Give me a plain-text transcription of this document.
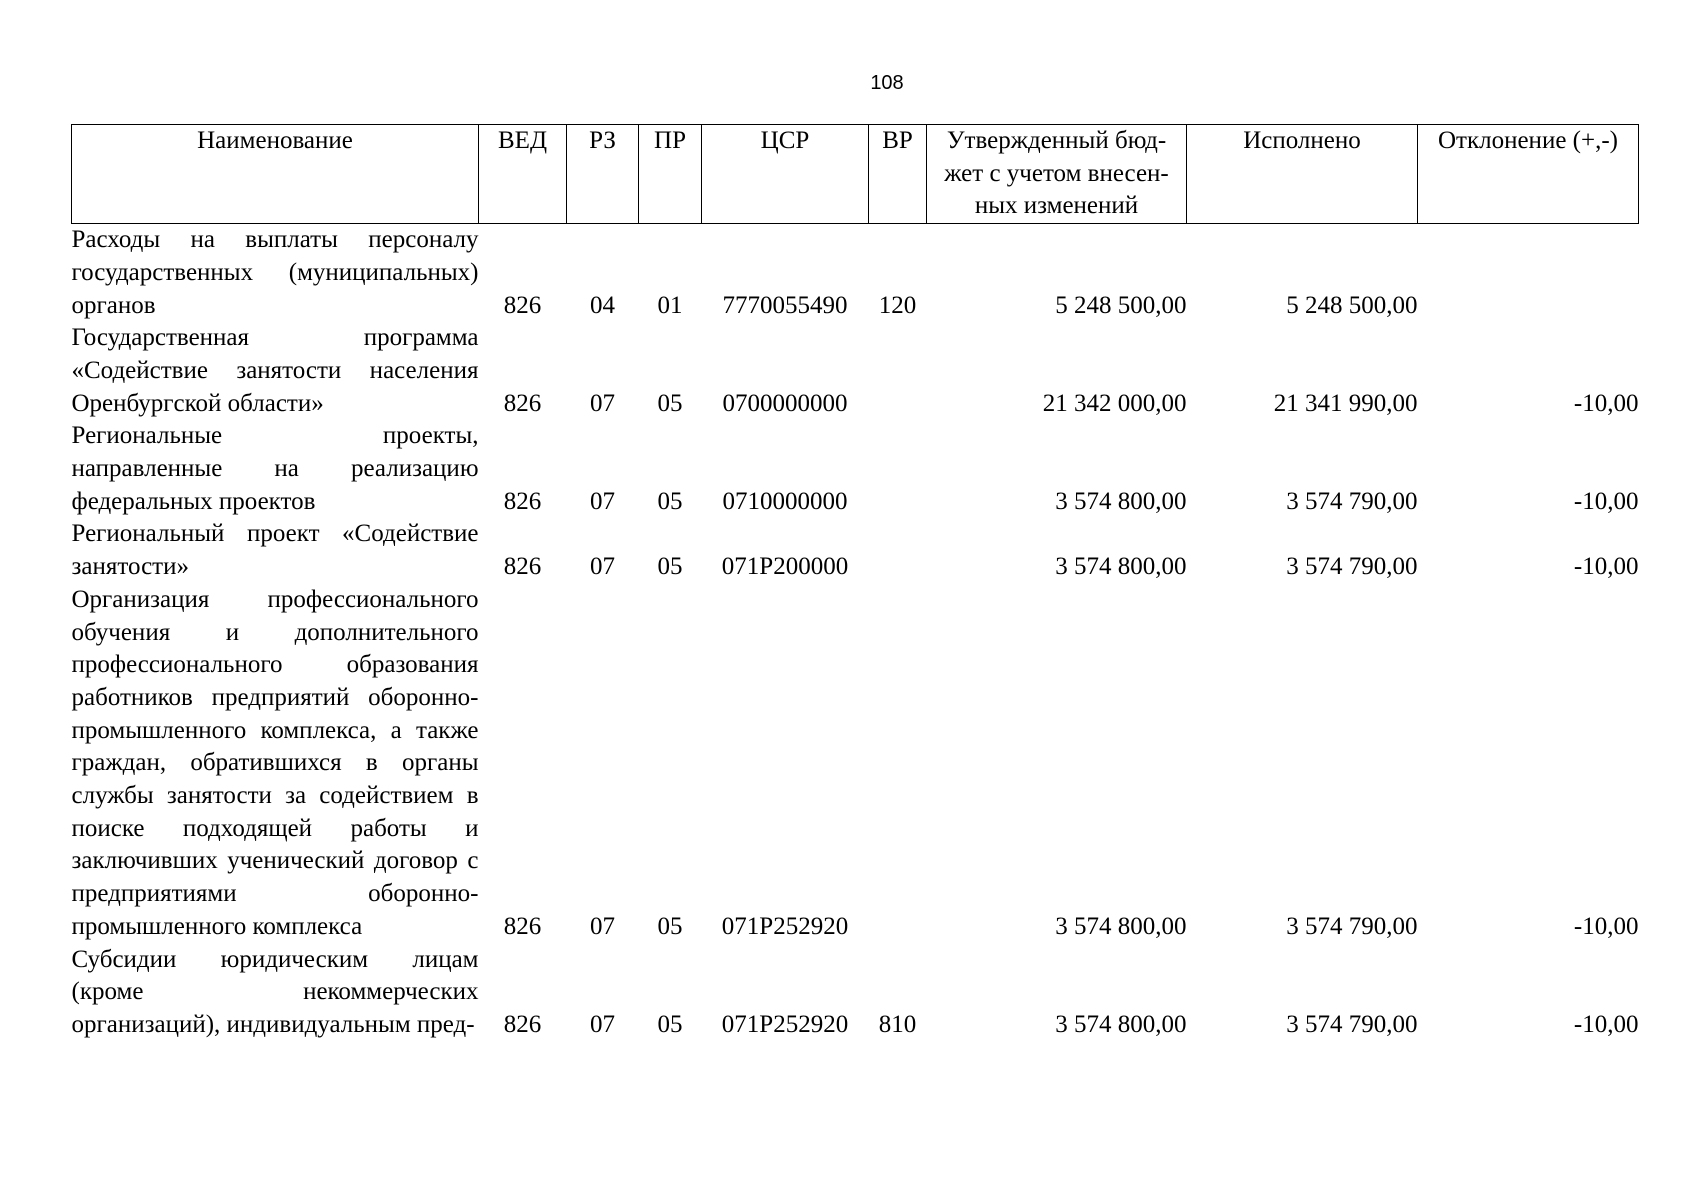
108
Наименование	ВЕД	РЗ	ПР	ЦСР	ВР	Утвержденный бюд-жет с учетом внесен-ных изменений	Исполнено	Отклонение (+,-)
Расходы на выплаты персоналу государственных (муниципальных) органов	826	04	01	7770055490	120	5 248 500,00	5 248 500,00	
Государственная программа «Содействие занятости населения Оренбургской области»	826	07	05	0700000000		21 342 000,00	21 341 990,00	-10,00
Региональные проекты, направленные на реализацию федеральных проектов	826	07	05	0710000000		3 574 800,00	3 574 790,00	-10,00
Региональный проект «Содействие занятости»	826	07	05	071P200000		3 574 800,00	3 574 790,00	-10,00
Организация профессионального обучения и дополнительного профессионального образования работников предприятий оборонно-промышленного комплекса, а также граждан, обратившихся в органы службы занятости за содействием в поиске подходящей работы и заключивших ученический договор с предприятиями оборонно-промышленного комплекса	826	07	05	071P252920		3 574 800,00	3 574 790,00	-10,00
Субсидии юридическим лицам (кроме некоммерческих организаций), индивидуальным пред-	826	07	05	071P252920	810	3 574 800,00	3 574 790,00	-10,00
